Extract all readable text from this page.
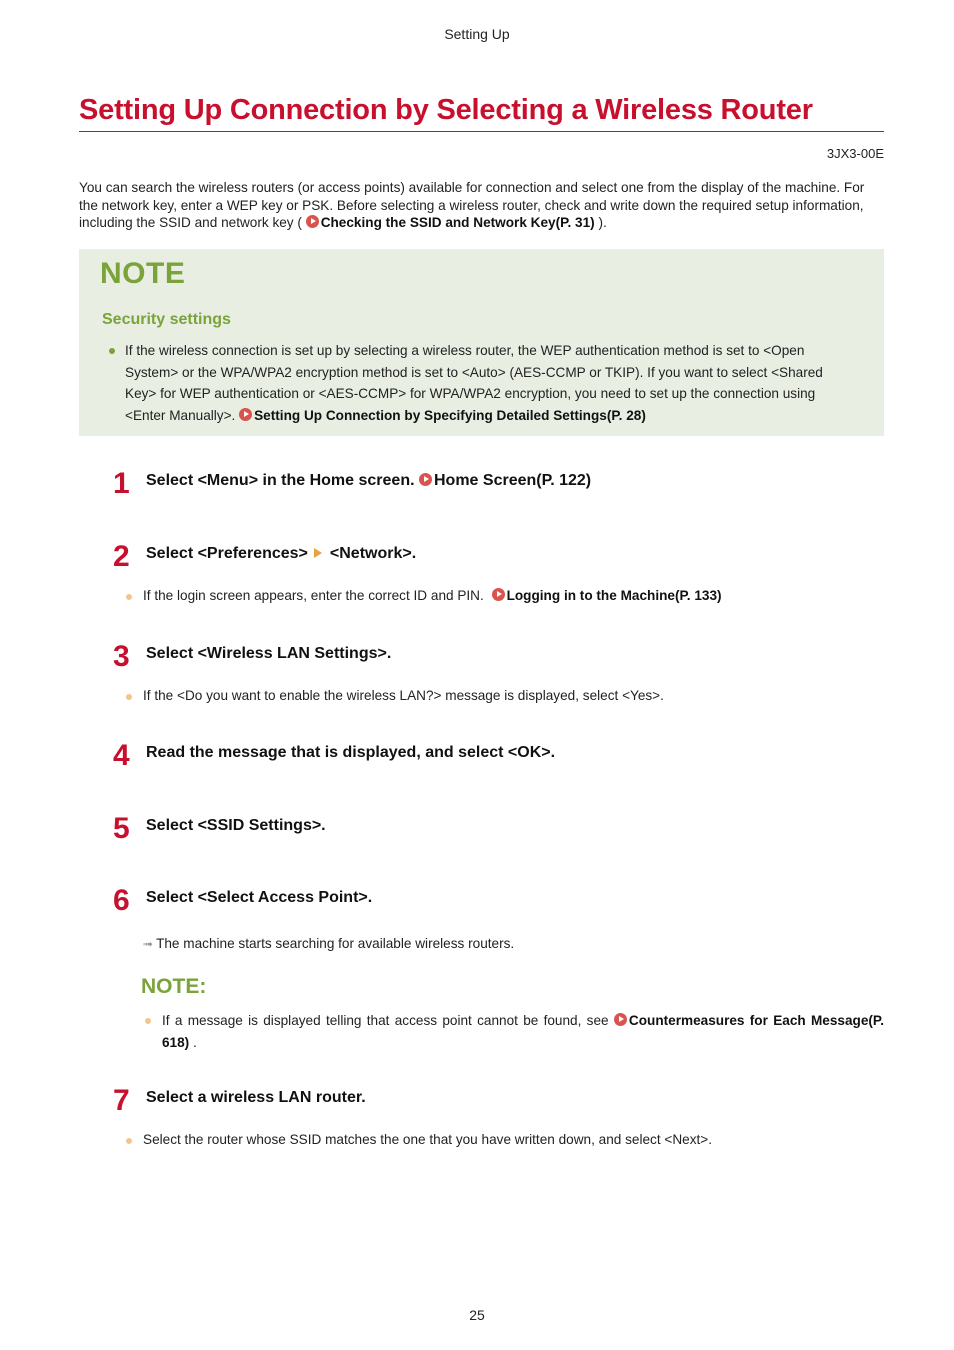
Setting Up
Setting Up Connection by Selecting a Wireless Router
3JX3-00E

You can search the wireless routers (or access points) available for connection and select one from the display of the machine. For the network key, enter a WEP key or PSK. Before selecting a wireless router, check and write down the required setup information, including the SSID and network key ( Checking the SSID and Network Key(P. 31) ).

NOTE
Security settings

If the wireless connection is set up by selecting a wireless router, the WEP authentication method is set to <Open System> or the WPA/WPA2 encryption method is set to <Auto> (AES-CCMP or TKIP). If you want to select <Shared Key> for WEP authentication or <AES-CCMP> for WPA/WPA2 encryption, you need to set up the connection using <Enter Manually>. Setting Up Connection by Specifying Detailed Settings(P. 28)

1 Select <Menu> in the Home screen. Home Screen(P. 122)
2 Select <Preferences> <Network>.
If the login screen appears, enter the correct ID and PIN. Logging in to the Machine(P. 133)
3 Select <Wireless LAN Settings>.
If the <Do you want to enable the wireless LAN?> message is displayed, select <Yes>.
4 Read the message that is displayed, and select <OK>.
5 Select <SSID Settings>.
6 Select <Select Access Point>.
➟ The machine starts searching for available wireless routers.
NOTE:

If a message is displayed telling that access point cannot be found, see Countermeasures for Each Message(P. 618) .

7 Select a wireless LAN router.
Select the router whose SSID matches the one that you have written down, and select <Next>.
25
